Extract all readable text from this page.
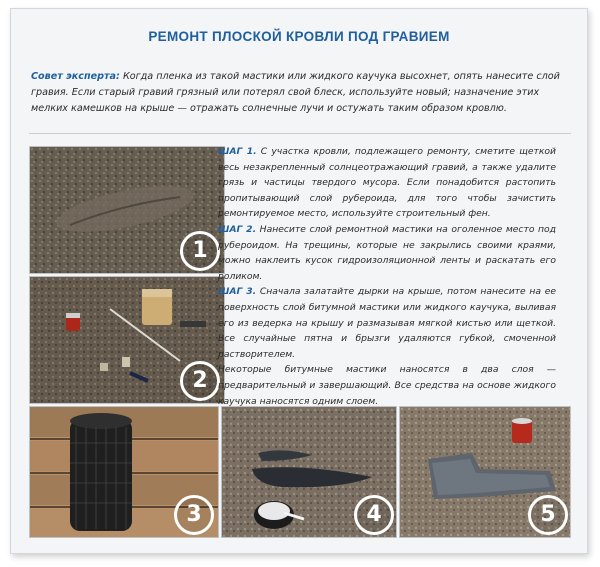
РЕМОНТ ПЛОСКОЙ КРОВЛИ ПОД ГРАВИЕМ
Совет эксперта: Когда пленка из такой мастики или жидкого каучука высохнет, опять нанесите слой гравия. Если старый гравий грязный или потерял свой блеск, используйте новый; назначение этих мелких камешков на крыше — отражать солнечные лучи и остужать таким образом кровлю.
1
2
3	4	5

ШАГ 1. С участка кровли, подлежащего ремонту, сметите щеткой весь незакрепленный солнцеотражающий гравий, а также удалите грязь и частицы твердого мусора. Если понадобится растопить пропитывающий слой рубероида, для того чтобы зачистить ремонтируемое место, используйте строительный фен.

ШАГ 2. Нанесите слой ремонтной мастики на оголенное место под рубероидом. На трещины, которые не закрылись своими краями, можно наклеить кусок гидроизоляционной ленты и раскатать его роликом.

ШАГ 3. Сначала залатайте дырки на крыше, потом нанесите на ее поверхность слой битумной мастики или жидкого каучука, выливая его из ведерка на крышу и размазывая мягкой кистью или щеткой. Все случайные пятна и брызги удаляются губкой, смоченной растворителем.

Некоторые битумные мастики наносятся в два слоя — предварительный и завершающий. Все средства на основе жидкого каучука наносятся одним слоем.
